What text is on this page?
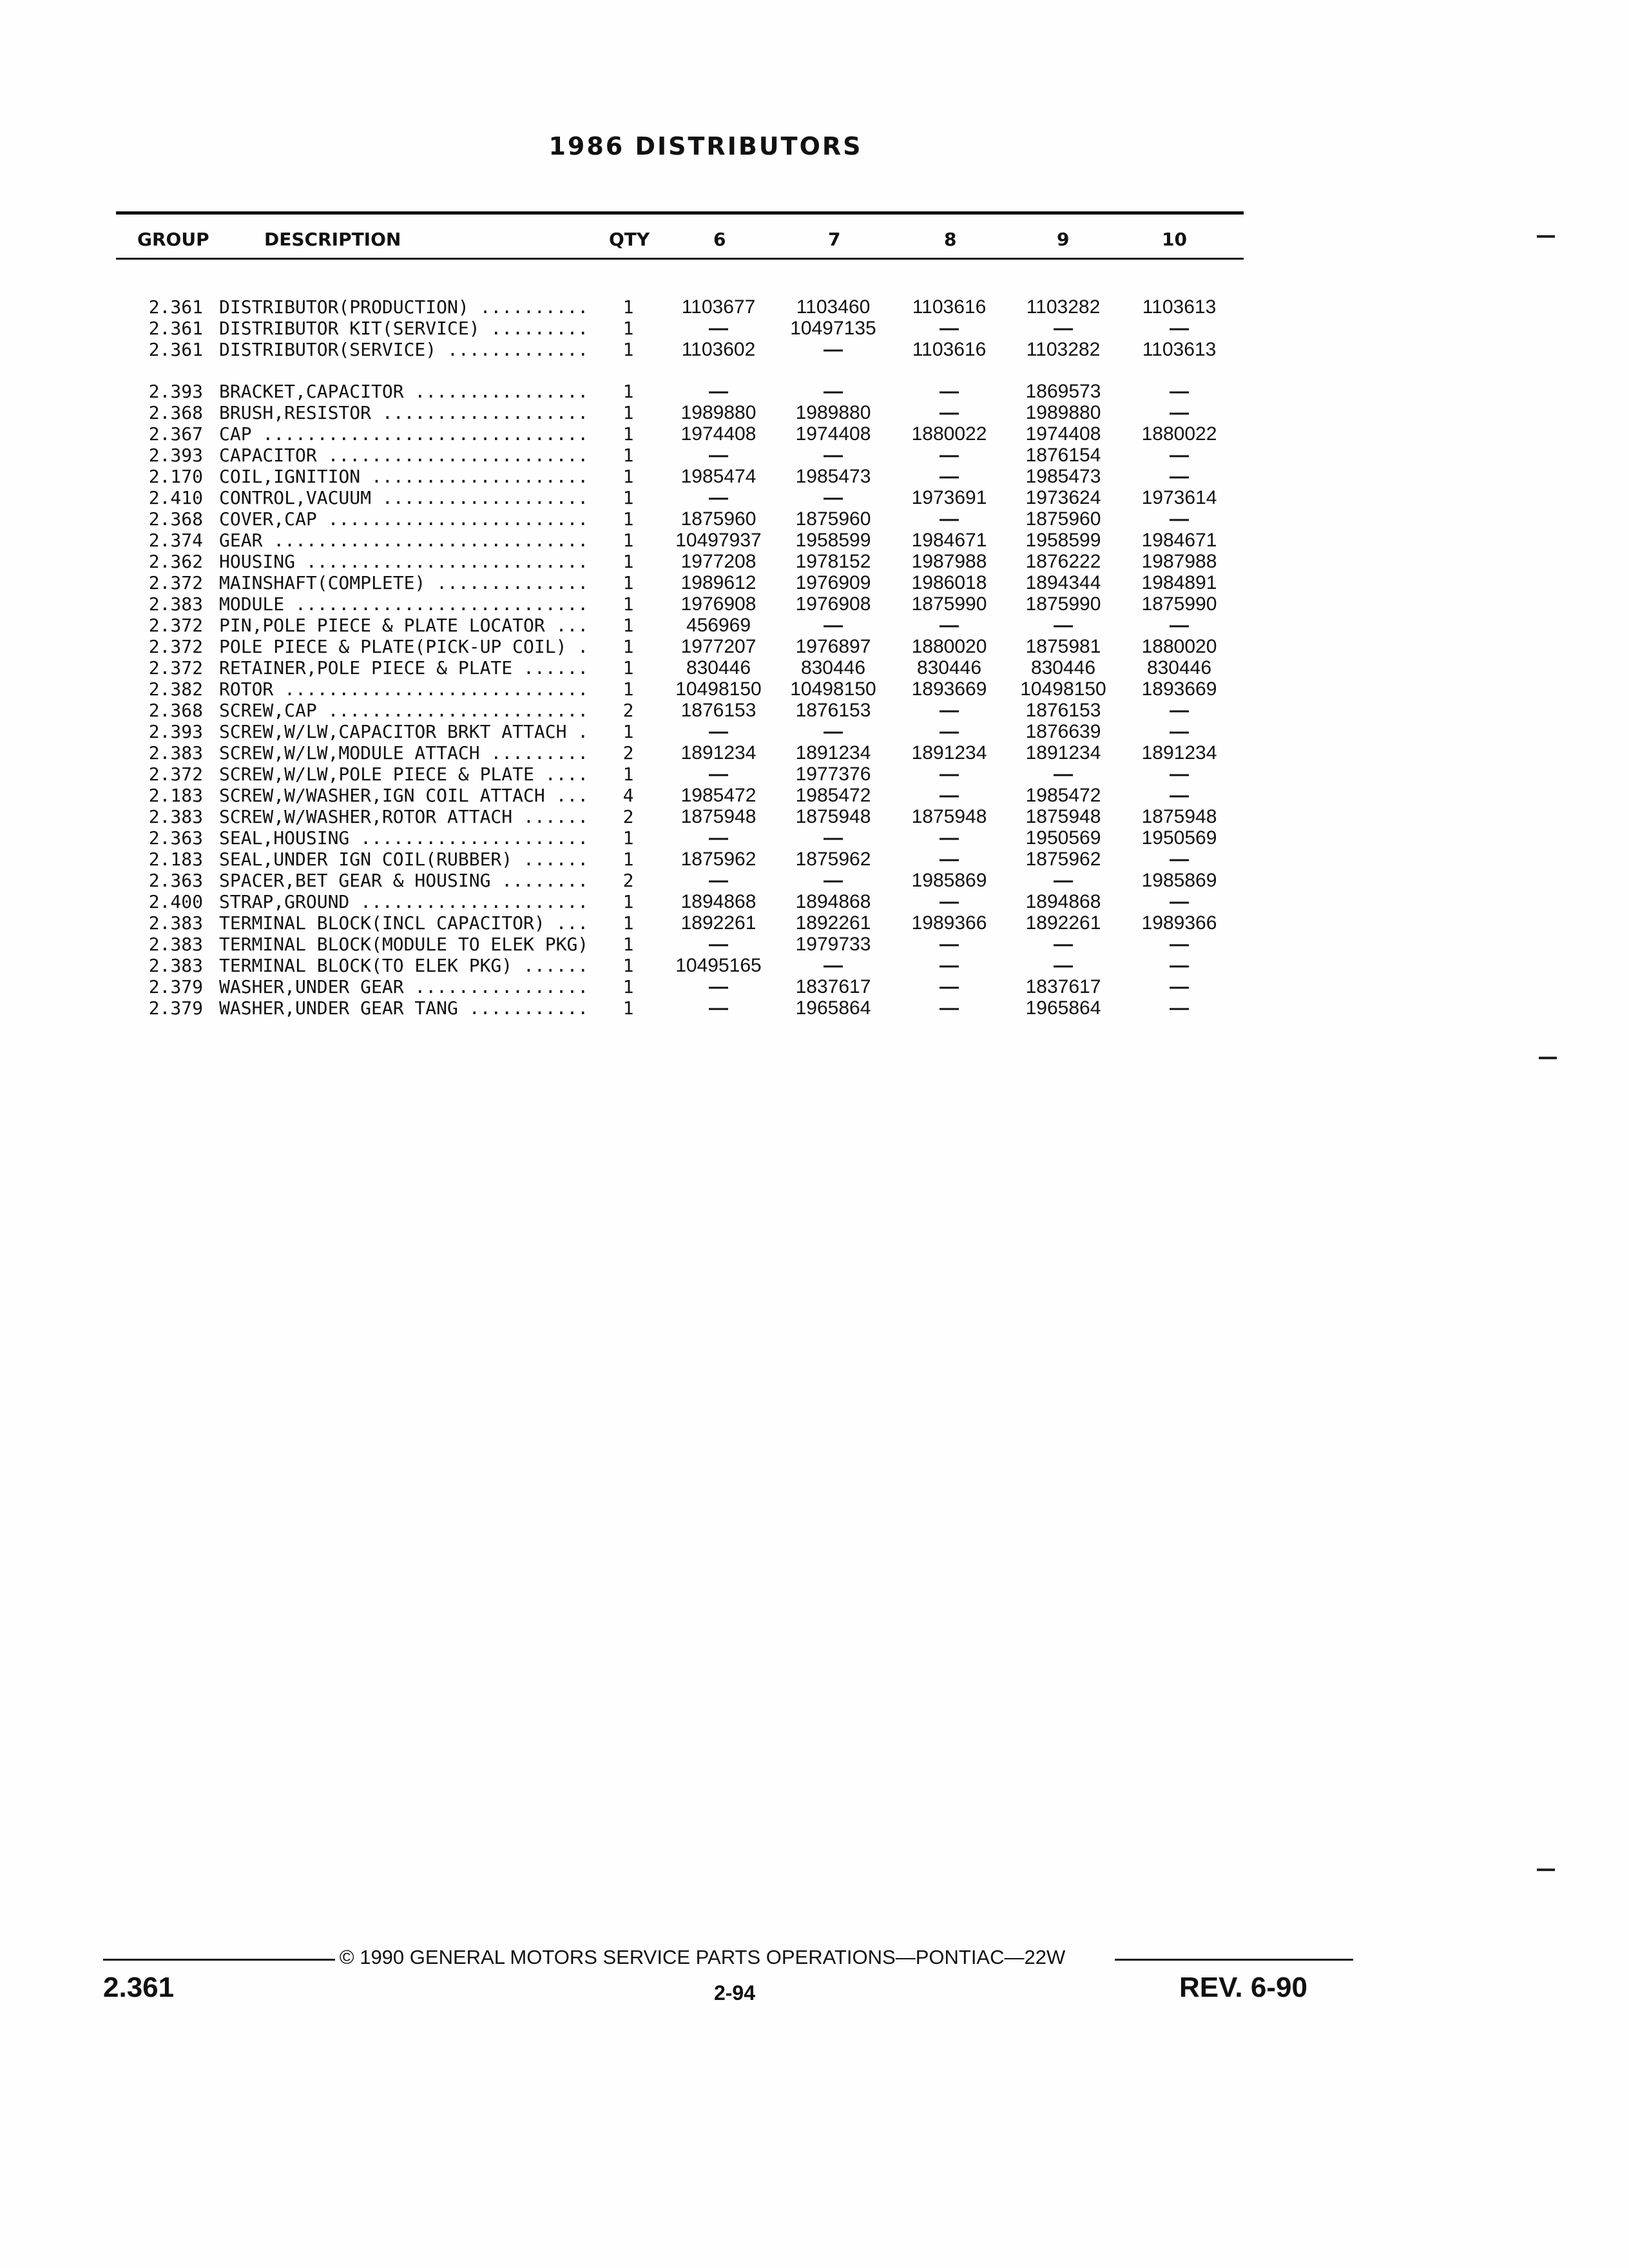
1986 DISTRIBUTORS
GROUP	DESCRIPTION	QTY	6	7	8	9	10
2.361 DISTRIBUTOR(PRODUCTION) ..........	1	1103677	1103460	1103616	1103282	1103613
2.361 DISTRIBUTOR KIT(SERVICE) .........	1	—	10497135	—	—	—
2.361 DISTRIBUTOR(SERVICE) .............	1	1103602	—	1103616	1103282	1103613
2.393 BRACKET,CAPACITOR ................	1	—	—	—	1869573	—
2.368 BRUSH,RESISTOR ...................	1	1989880	1989880	—	1989880	—
2.367 CAP ..............................	1	1974408	1974408	1880022	1974408	1880022
2.393 CAPACITOR ........................	1	—	—	—	1876154	—
2.170 COIL,IGNITION ....................	1	1985474	1985473	—	1985473	—
2.410 CONTROL,VACUUM ...................	1	—	—	1973691	1973624	1973614
2.368 COVER,CAP ........................	1	1875960	1875960	—	1875960	—
2.374 GEAR .............................	1	10497937	1958599	1984671	1958599	1984671
2.362 HOUSING ..........................	1	1977208	1978152	1987988	1876222	1987988
2.372 MAINSHAFT(COMPLETE) ..............	1	1989612	1976909	1986018	1894344	1984891
2.383 MODULE ...........................	1	1976908	1976908	1875990	1875990	1875990
2.372 PIN,POLE PIECE & PLATE LOCATOR ...	1	456969	—	—	—	—
2.372 POLE PIECE & PLATE(PICK-UP COIL) .	1	1977207	1976897	1880020	1875981	1880020
2.372 RETAINER,POLE PIECE & PLATE ......	1	830446	830446	830446	830446	830446
2.382 ROTOR ............................	1	10498150	10498150	1893669	10498150	1893669
2.368 SCREW,CAP ........................	2	1876153	1876153	—	1876153	—
2.393 SCREW,W/LW,CAPACITOR BRKT ATTACH .	1	—	—	—	1876639	—
2.383 SCREW,W/LW,MODULE ATTACH .........	2	1891234	1891234	1891234	1891234	1891234
2.372 SCREW,W/LW,POLE PIECE & PLATE ....	1	—	1977376	—	—	—
2.183 SCREW,W/WASHER,IGN COIL ATTACH ...	4	1985472	1985472	—	1985472	—
2.383 SCREW,W/WASHER,ROTOR ATTACH ......	2	1875948	1875948	1875948	1875948	1875948
2.363 SEAL,HOUSING .....................	1	—	—	—	1950569	1950569
2.183 SEAL,UNDER IGN COIL(RUBBER) ......	1	1875962	1875962	—	1875962	—
2.363 SPACER,BET GEAR & HOUSING ........	2	—	—	1985869	—	1985869
2.400 STRAP,GROUND .....................	1	1894868	1894868	—	1894868	—
2.383 TERMINAL BLOCK(INCL CAPACITOR) ...	1	1892261	1892261	1989366	1892261	1989366
2.383 TERMINAL BLOCK(MODULE TO ELEK PKG)	1	—	1979733	—	—	—
2.383 TERMINAL BLOCK(TO ELEK PKG) ......	1	10495165	—	—	—	—
2.379 WASHER,UNDER GEAR ................	1	—	1837617	—	1837617	—
2.379 WASHER,UNDER GEAR TANG ...........	1	—	1965864	—	1965864	—
© 1990 GENERAL MOTORS SERVICE PARTS OPERATIONS—PONTIAC—22W
2.361	2-94	REV. 6-90
